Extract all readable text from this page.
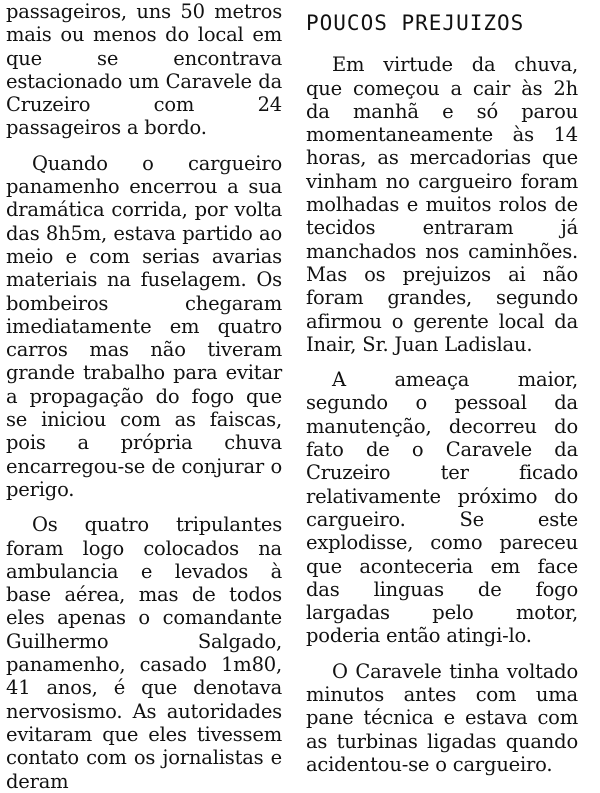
passageiros, uns 50 metros mais ou menos do local em que se encontrava estacionado um Caravele da Cruzeiro com 24 passageiros a bordo.

Quando o cargueiro panamenho encerrou a sua dramática corrida, por volta das 8h5m, estava partido ao meio e com serias avarias materiais na fuselagem. Os bombeiros chegaram imediatamente em quatro carros mas não tiveram grande trabalho para evitar a propagação do fogo que se iniciou com as faiscas, pois a própria chuva encarregou-se de conjurar o perigo.

Os quatro tripulantes foram logo colocados na ambulancia e levados à base aérea, mas de todos eles apenas o comandante Guilhermo Salgado, panamenho, casado 1m80, 41 anos, é que denotava nervosismo. As autoridades evitaram que eles tivessem contato com os jornalistas e deram

POUCOS PREJUIZOS

Em virtude da chuva, que começou a cair às 2h da manhã e só parou momentaneamente às 14 horas, as mercadorias que vinham no cargueiro foram molhadas e muitos rolos de tecidos entraram já manchados nos caminhões. Mas os prejuizos ai não foram grandes, segundo afirmou o gerente local da Inair, Sr. Juan Ladislau.

A ameaça maior, segundo o pessoal da manutenção, decorreu do fato de o Caravele da Cruzeiro ter ficado relativamente próximo do cargueiro. Se este explodisse, como pareceu que aconteceria em face das linguas de fogo largadas pelo motor, poderia então atingi-lo.

O Caravele tinha voltado minutos antes com uma pane técnica e estava com as turbinas ligadas quando acidentou-se o cargueiro.
